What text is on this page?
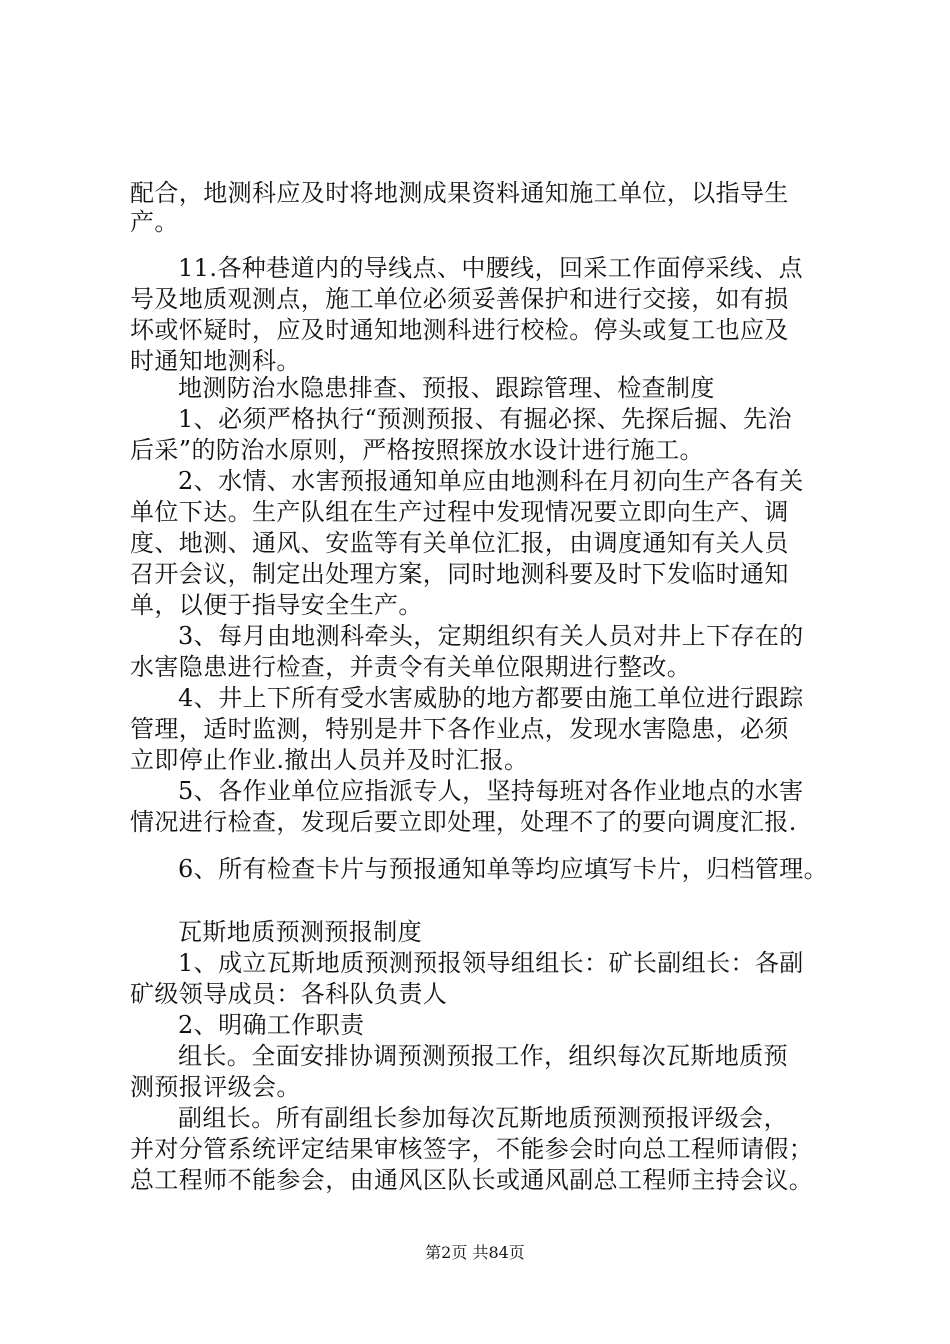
配合，地测科应及时将地测成果资料通知施工单位，以指导生
产。
11.各种巷道内的导线点、中腰线，回采工作面停采线、点
号及地质观测点，施工单位必须妥善保护和进行交接，如有损
坏或怀疑时，应及时通知地测科进行校检。停头或复工也应及
时通知地测科。
地测防治水隐患排查、预报、跟踪管理、检查制度
1、必须严格执行“预测预报、有掘必探、先探后掘、先治
后采”的防治水原则，严格按照探放水设计进行施工。
2、水情、水害预报通知单应由地测科在月初向生产各有关
单位下达。生产队组在生产过程中发现情况要立即向生产、调
度、地测、通风、安监等有关单位汇报，由调度通知有关人员
召开会议，制定出处理方案，同时地测科要及时下发临时通知
单，以便于指导安全生产。
3、每月由地测科牵头，定期组织有关人员对井上下存在的
水害隐患进行检查，并责令有关单位限期进行整改。
4、井上下所有受水害威胁的地方都要由施工单位进行跟踪
管理，适时监测，特别是井下各作业点，发现水害隐患，必须
立即停止作业.撤出人员并及时汇报。
5、各作业单位应指派专人，坚持每班对各作业地点的水害
情况进行检查，发现后要立即处理，处理不了的要向调度汇报.
6、所有检查卡片与预报通知单等均应填写卡片，归档管理。
瓦斯地质预测预报制度
1、成立瓦斯地质预测预报领导组组长：矿长副组长：各副
矿级领导成员：各科队负责人
2、明确工作职责
组长。全面安排协调预测预报工作，组织每次瓦斯地质预
测预报评级会。
副组长。所有副组长参加每次瓦斯地质预测预报评级会，
并对分管系统评定结果审核签字，不能参会时向总工程师请假；
总工程师不能参会，由通风区队长或通风副总工程师主持会议。
第2页 共84页
